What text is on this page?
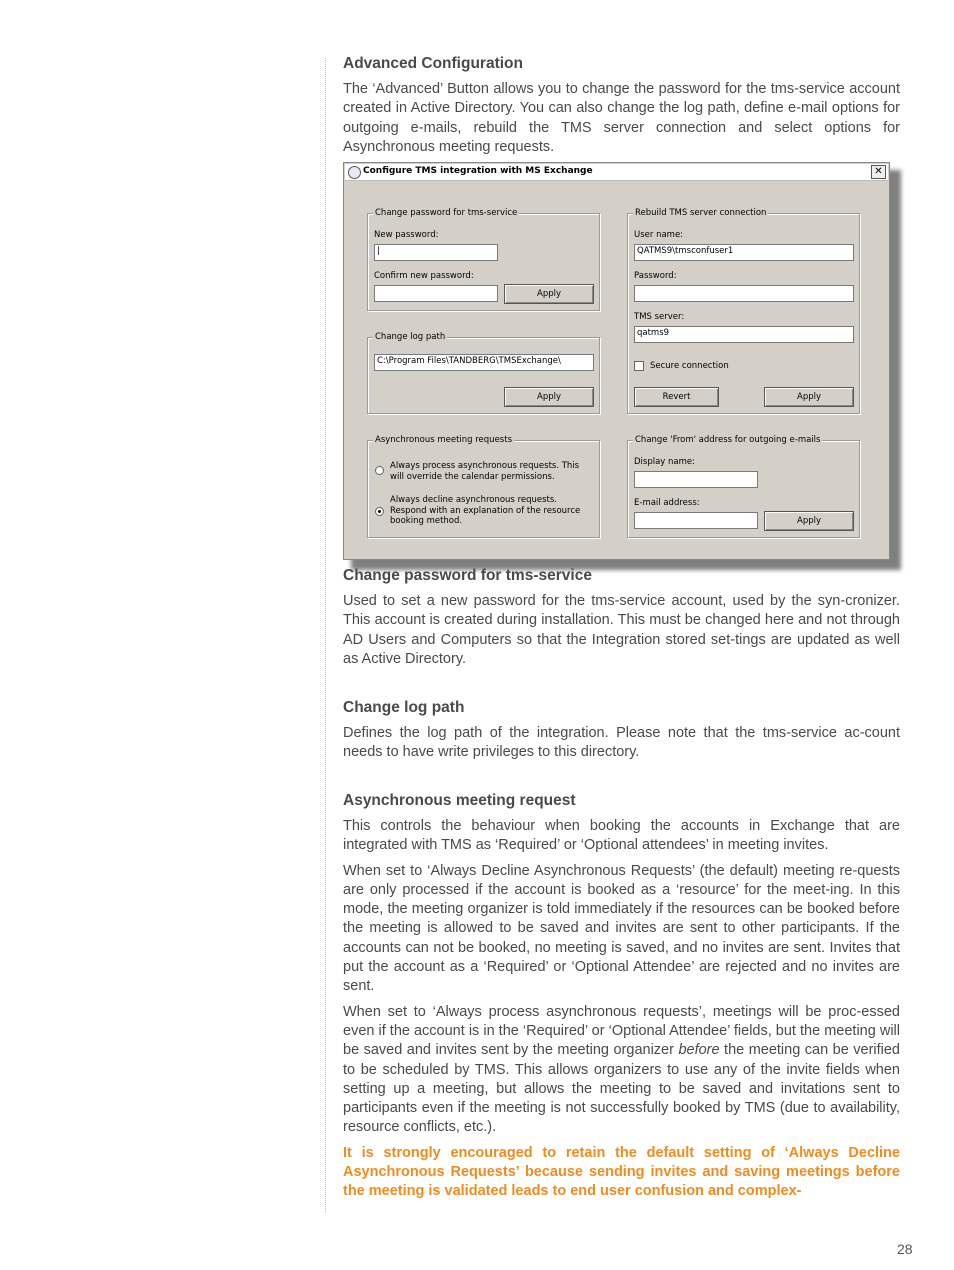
Advanced Configuration

The ‘Advanced’ Button allows you to change the password for the tms-service account created in Active Directory. You can also change the log path, define e-mail options for outgoing e-mails, rebuild the TMS server connection and select options for Asynchronous meeting requests.

Configure TMS integration with MS Exchange	✕
Change password for tms-service
New password:
|
Confirm new password:
Apply
Change log path
C:\Program Files\TANDBERG\TMSExchange\
Apply
Asynchronous meeting requests
Always process asynchronous requests. This will override the calendar permissions.
Always decline asynchronous requests. Respond with an explanation of the resource booking method.
Rebuild TMS server connection
User name:
QATMS9\tmsconfuser1
Password:
TMS server:
qatms9
Secure connection
Revert	Apply
Change 'From' address for outgoing e-mails
Display name:
E-mail address:
Apply
Change password for tms-service

Used to set a new password for the tms-service account, used by the syn-cronizer. This account is created during installation. This must be changed here and not through AD Users and Computers so that the Integration stored set-tings are updated as well as Active Directory.

Change log path

Defines the log path of the integration. Please note that the tms-service ac-count needs to have write privileges to this directory.

Asynchronous meeting request

This controls the behaviour when booking the accounts in Exchange that are integrated with TMS as ‘Required’ or ‘Optional attendees’ in meeting invites.

When set to ‘Always Decline Asynchronous Requests’ (the default) meeting re-quests are only processed if the account is booked as a ‘resource’ for the meet-ing. In this mode, the meeting organizer is told immediately if the resources can be booked before the meeting is allowed to be saved and invites are sent to other participants. If the accounts can not be booked, no meeting is saved, and no invites are sent. Invites that put the account as a ‘Required’ or ‘Optional Attendee’ are rejected and no invites are sent.

When set to ‘Always process asynchronous requests’, meetings will be proc-essed even if the account is in the ‘Required’ or ‘Optional Attendee’ fields, but the meeting will be saved and invites sent by the meeting organizer before the meeting can be verified to be scheduled by TMS. This allows organizers to use any of the invite fields when setting up a meeting, but allows the meeting to be saved and invitations sent to participants even if the meeting is not successfully booked by TMS (due to availability, resource conflicts, etc.).

It is strongly encouraged to retain the default setting of ‘Always Decline Asynchronous Requests’ because sending invites and saving meetings before the meeting is validated leads to end user confusion and complex-

28
